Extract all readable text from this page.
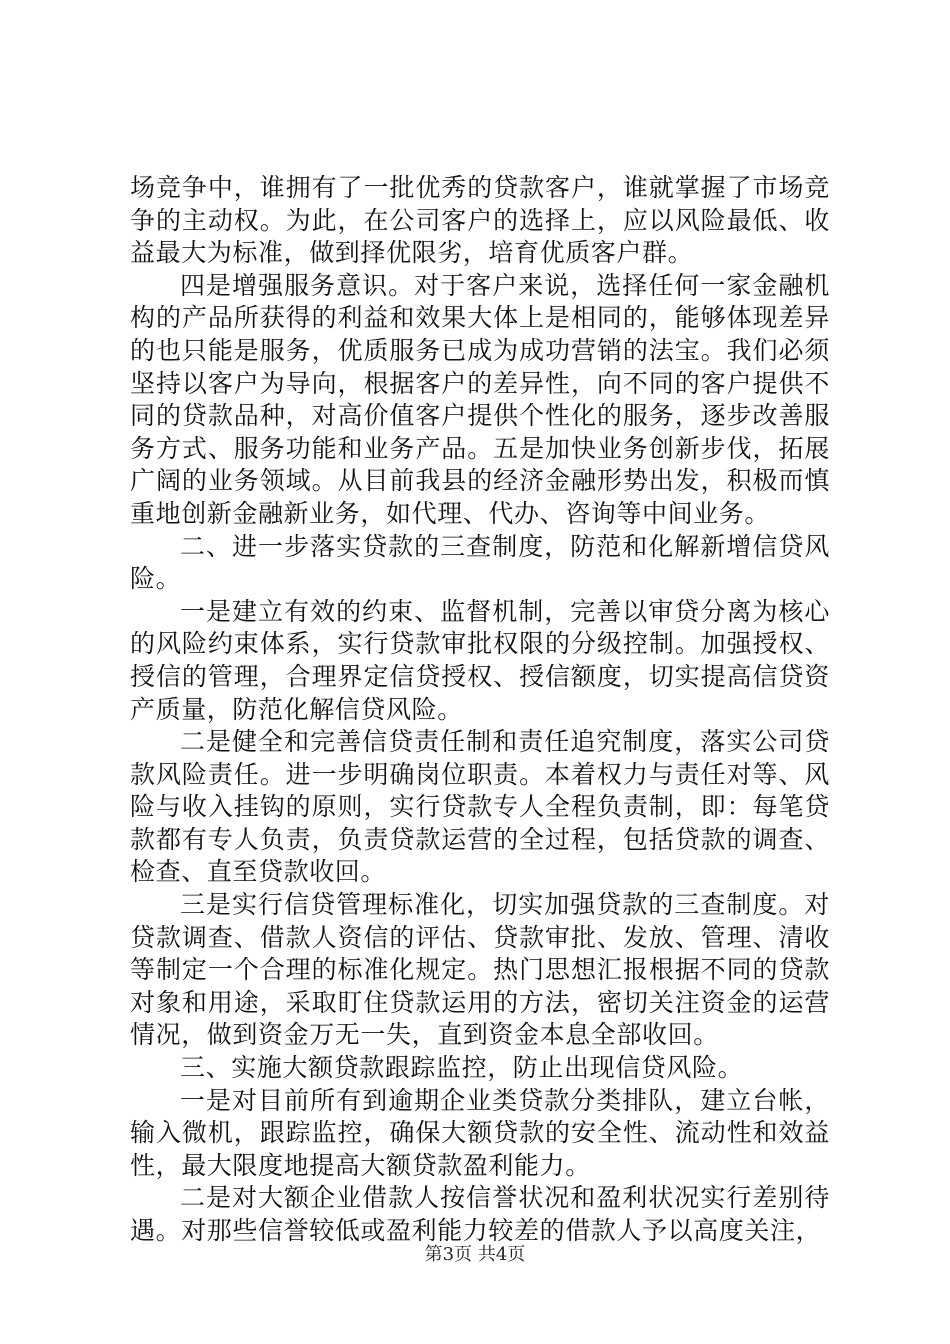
场竞争中，谁拥有了一批优秀的贷款客户，谁就掌握了市场竞争的主动权。为此，在公司客户的选择上，应以风险最低、收益最大为标准，做到择优限劣，培育优质客户群。

四是增强服务意识。对于客户来说，选择任何一家金融机构的产品所获得的利益和效果大体上是相同的，能够体现差异的也只能是服务，优质服务已成为成功营销的法宝。我们必须坚持以客户为导向，根据客户的差异性，向不同的客户提供不同的贷款品种，对高价值客户提供个性化的服务，逐步改善服务方式、服务功能和业务产品。五是加快业务创新步伐，拓展广阔的业务领域。从目前我县的经济金融形势出发，积极而慎重地创新金融新业务，如代理、代办、咨询等中间业务。

二、进一步落实贷款的三查制度，防范和化解新增信贷风险。

一是建立有效的约束、监督机制，完善以审贷分离为核心的风险约束体系，实行贷款审批权限的分级控制。加强授权、授信的管理，合理界定信贷授权、授信额度，切实提高信贷资产质量，防范化解信贷风险。

二是健全和完善信贷责任制和责任追究制度，落实公司贷款风险责任。进一步明确岗位职责。本着权力与责任对等、风险与收入挂钩的原则，实行贷款专人全程负责制，即：每笔贷款都有专人负责，负责贷款运营的全过程，包括贷款的调查、检查、直至贷款收回。

三是实行信贷管理标准化，切实加强贷款的三查制度。对贷款调查、借款人资信的评估、贷款审批、发放、管理、清收等制定一个合理的标准化规定。热门思想汇报根据不同的贷款对象和用途，采取盯住贷款运用的方法，密切关注资金的运营情况，做到资金万无一失，直到资金本息全部收回。

三、实施大额贷款跟踪监控，防止出现信贷风险。

一是对目前所有到逾期企业类贷款分类排队，建立台帐，输入微机，跟踪监控，确保大额贷款的安全性、流动性和效益性，最大限度地提高大额贷款盈利能力。

二是对大额企业借款人按信誉状况和盈利状况实行差别待遇。对那些信誉较低或盈利能力较差的借款人予以高度关注，

第3页 共4页
